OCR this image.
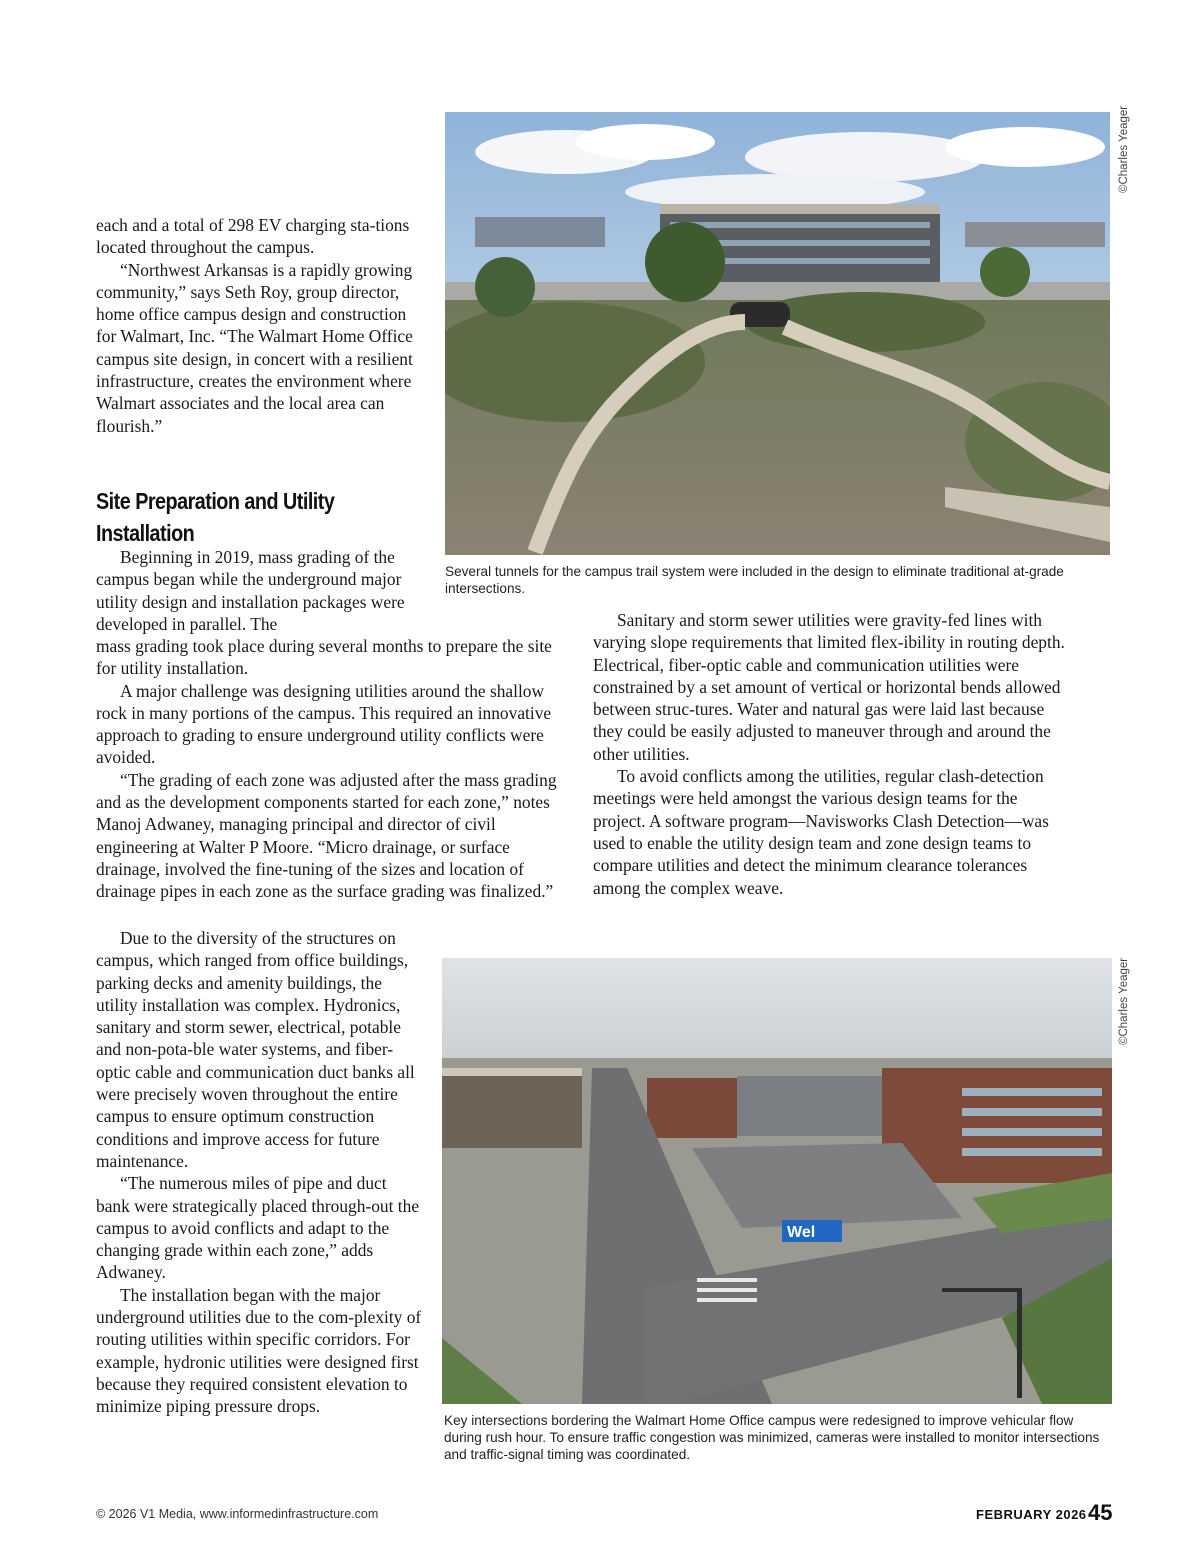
©Charles Yeager
Several tunnels for the campus trail system were included in the design to eliminate traditional at-grade intersections.

each and a total of 298 EV charging sta-tions located throughout the campus.

“Northwest Arkansas is a rapidly growing community,” says Seth Roy, group director, home office campus design and construction for Walmart, Inc. “The Walmart Home Office campus site design, in concert with a resilient infrastructure, creates the environment where Walmart associates and the local area can flourish.”

Site Preparation and Utility Installation

Beginning in 2019, mass grading of the campus began while the underground major utility design and installation packages were developed in parallel. The

mass grading took place during several months to prepare the site for utility installation.

A major challenge was designing utilities around the shallow rock in many portions of the campus. This required an innovative approach to grading to ensure underground utility conflicts were avoided.

“The grading of each zone was adjusted after the mass grading and as the development components started for each zone,” notes Manoj Adwaney, managing principal and director of civil engineering at Walter P Moore. “Micro drainage, or surface drainage, involved the fine-tuning of the sizes and location of drainage pipes in each zone as the surface grading was finalized.”

Due to the diversity of the structures on campus, which ranged from office buildings, parking decks and amenity buildings, the utility installation was complex. Hydronics, sanitary and storm sewer, electrical, potable and non-pota-ble water systems, and fiber-optic cable and communication duct banks all were precisely woven throughout the entire campus to ensure optimum construction conditions and improve access for future maintenance.

“The numerous miles of pipe and duct bank were strategically placed through-out the campus to avoid conflicts and adapt to the changing grade within each zone,” adds Adwaney.

The installation began with the major underground utilities due to the com-plexity of routing utilities within specific corridors. For example, hydronic utilities were designed first because they required consistent elevation to minimize piping pressure drops.

Sanitary and storm sewer utilities were gravity-fed lines with varying slope requirements that limited flex-ibility in routing depth. Electrical, fiber-optic cable and communication utilities were constrained by a set amount of vertical or horizontal bends allowed between struc-tures. Water and natural gas were laid last because they could be easily adjusted to maneuver through and around the other utilities.

To avoid conflicts among the utilities, regular clash-detection meetings were held amongst the various design teams for the project. A software program—Navisworks Clash Detection—was used to enable the utility design team and zone design teams to compare utilities and detect the minimum clearance tolerances among the complex weave.

Wel
©Charles Yeager
Key intersections bordering the Walmart Home Office campus were redesigned to improve vehicular flow during rush hour. To ensure traffic congestion was minimized, cameras were installed to monitor intersections and traffic-signal timing was coordinated.
© 2026 V1 Media, www.informedinfrastructure.com	FEBRUARY 2026 45
